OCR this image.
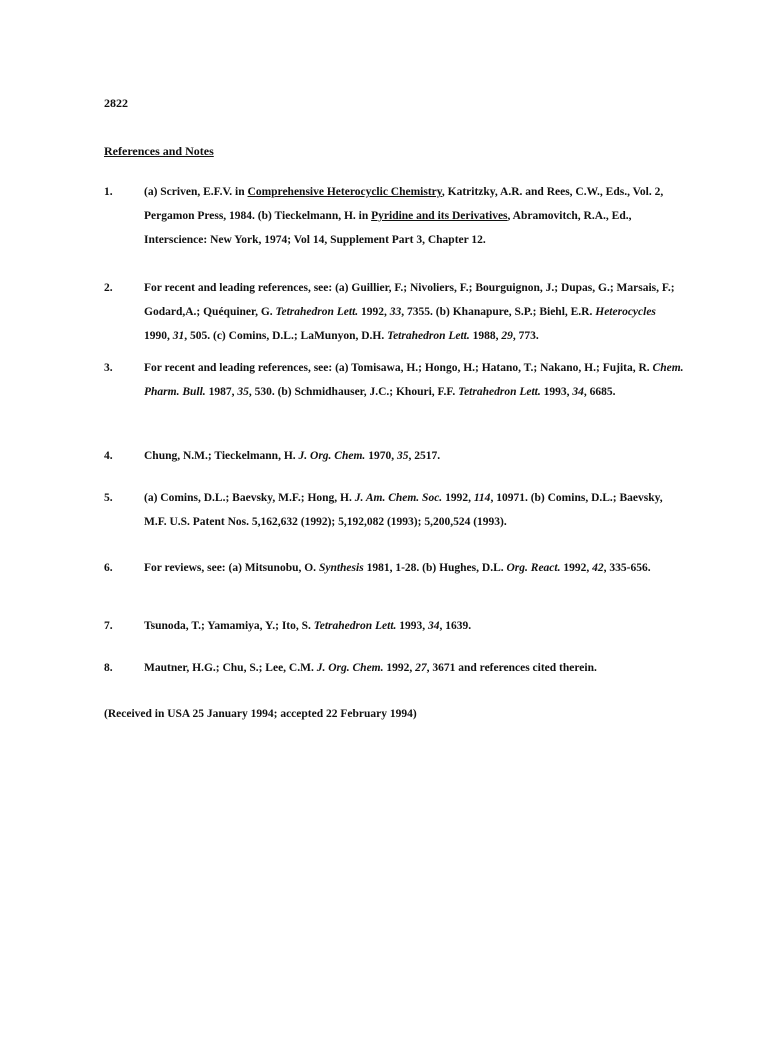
2822
References and Notes
1.	(a) Scriven, E.F.V. in Comprehensive Heterocyclic Chemistry, Katritzky, A.R. and Rees, C.W., Eds., Vol. 2, Pergamon Press, 1984. (b) Tieckelmann, H. in Pyridine and its Derivatives, Abramovitch, R.A., Ed., Interscience: New York, 1974; Vol 14, Supplement Part 3, Chapter 12.
2.	For recent and leading references, see: (a) Guillier, F.; Nivoliers, F.; Bourguignon, J.; Dupas, G.; Marsais, F.; Godard,A.; Quéquiner, G. Tetrahedron Lett. 1992, 33, 7355. (b) Khanapure, S.P.; Biehl, E.R. Heterocycles 1990, 31, 505. (c) Comins, D.L.; LaMunyon, D.H. Tetrahedron Lett. 1988, 29, 773.
3.	For recent and leading references, see: (a) Tomisawa, H.; Hongo, H.; Hatano, T.; Nakano, H.; Fujita, R. Chem. Pharm. Bull. 1987, 35, 530. (b) Schmidhauser, J.C.; Khouri, F.F. Tetrahedron Lett. 1993, 34, 6685.
4.	Chung, N.M.; Tieckelmann, H. J. Org. Chem. 1970, 35, 2517.
5.	(a) Comins, D.L.; Baevsky, M.F.; Hong, H. J. Am. Chem. Soc. 1992, 114, 10971. (b) Comins, D.L.; Baevsky, M.F. U.S. Patent Nos. 5,162,632 (1992); 5,192,082 (1993); 5,200,524 (1993).
6.	For reviews, see: (a) Mitsunobu, O. Synthesis 1981, 1-28. (b) Hughes, D.L. Org. React. 1992, 42, 335-656.
7.	Tsunoda, T.; Yamamiya, Y.; Ito, S. Tetrahedron Lett. 1993, 34, 1639.
8.	Mautner, H.G.; Chu, S.; Lee, C.M. J. Org. Chem. 1992, 27, 3671 and references cited therein.
(Received in USA 25 January 1994; accepted 22 February 1994)
